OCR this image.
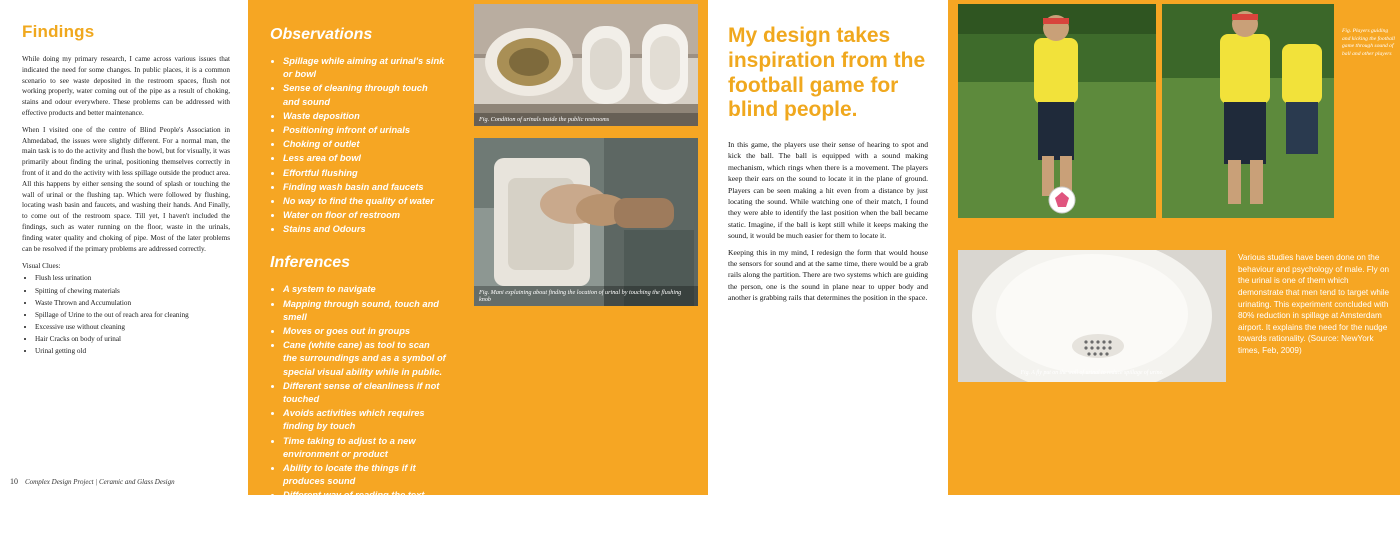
Findings

While doing my primary research, I came across various issues that indicated the need for some changes. In public places, it is a common scenario to see waste deposited in the restroom spaces, flush not working properly, water coming out of the pipe as a result of choking, stains and odour everywhere. These problems can be addressed with effective products and better maintenance.

When I visited one of the centre of Blind People's Association in Ahmedabad, the issues were slightly different. For a normal man, the main task is to do the activity and flush the bowl, but for visually, it was primarily about finding the urinal, positioning themselves correctly in front of it and do the activity with less spillage outside the product area. All this happens by either sensing the sound of splash or touching the wall of urinal or the flushing tap. Which were followed by flushing, locating wash basin and faucets, and washing their hands. And Finally, to come out of the restroom space. Till yet, I haven't included the findings, such as water running on the floor, waste in the urinals, finding water quality and choking of pipe. Most of the later problems can be resolved if the primary problems are addressed correctly.

Visual Clues:
• Flush less urination
• Spitting of chewing materials
• Waste Thrown and Accumulation
• Spillage of Urine to the out of reach area for cleaning
• Excessive use without cleaning
• Hair Cracks on body of urinal
• Urinal getting old
10 Complex Design Project | Ceramic and Glass Design
Observations
• Spillage while aiming at urinal's sink or bowl
• Sense of cleaning through touch and sound
• Waste deposition
• Positioning infront of urinals
• Choking of outlet
• Less area of bowl
• Effortful flushing
• Finding wash basin and faucets
• No way to find the quality of water
• Water on floor of restroom
• Stains and Odours
Inferences
• A system to navigate
• Mapping through sound, touch and smell
• Moves or goes out in groups
• Cane (white cane) as tool to scan the surroundings and as a symbol of special visual ability while in public.
• Different sense of cleanliness if not touched
• Avoids activities which requires finding by touch
• Time taking to adjust to a new environment or product
• Ability to locate the things if it produces sound
• Different way of reading the text (braille)
• In some cases, ability to identify light or colours through partial vision.
Fig. Condition of urinals inside the public restrooms
Fig. Mani explaining about finding the location of urinal by touching the flushing knob
My design takes inspiration from the football game for blind people.

In this game, the players use their sense of hearing to spot and kick the ball. The ball is equipped with a sound making mechanism, which rings when there is a movement. The players keep their ears on the sound to locate it in the plane of ground. Players can be seen making a hit even from a distance by just locating the sound. While watching one of their match, I found they were able to identify the last position when the ball became static. Imagine, if the ball is kept still while it keeps making the sound, it would be much easier for them to locate it.

Keeping this in my mind, I redesign the form that would house the sensors for sound and at the same time, there would be a grab rails along the partition. There are two systems which are guiding the person, one is the sound in plane near to upper body and another is grabbing rails that determines the position in the space.

Fig. Players guiding and kicking the football game through sound of ball and other players
Fig. A fly put on the wall of urinal to reduce spillage of urine.
Various studies have been done on the behaviour and psychology of male. Fly on the urinal is one of them which demonstrate that men tend to target while urinating. This experiment concluded with 80% reduction in spillage at Amsterdam airport. It explains the need for the nudge towards rationality. (Source: NewYork times, Feb, 2009)
